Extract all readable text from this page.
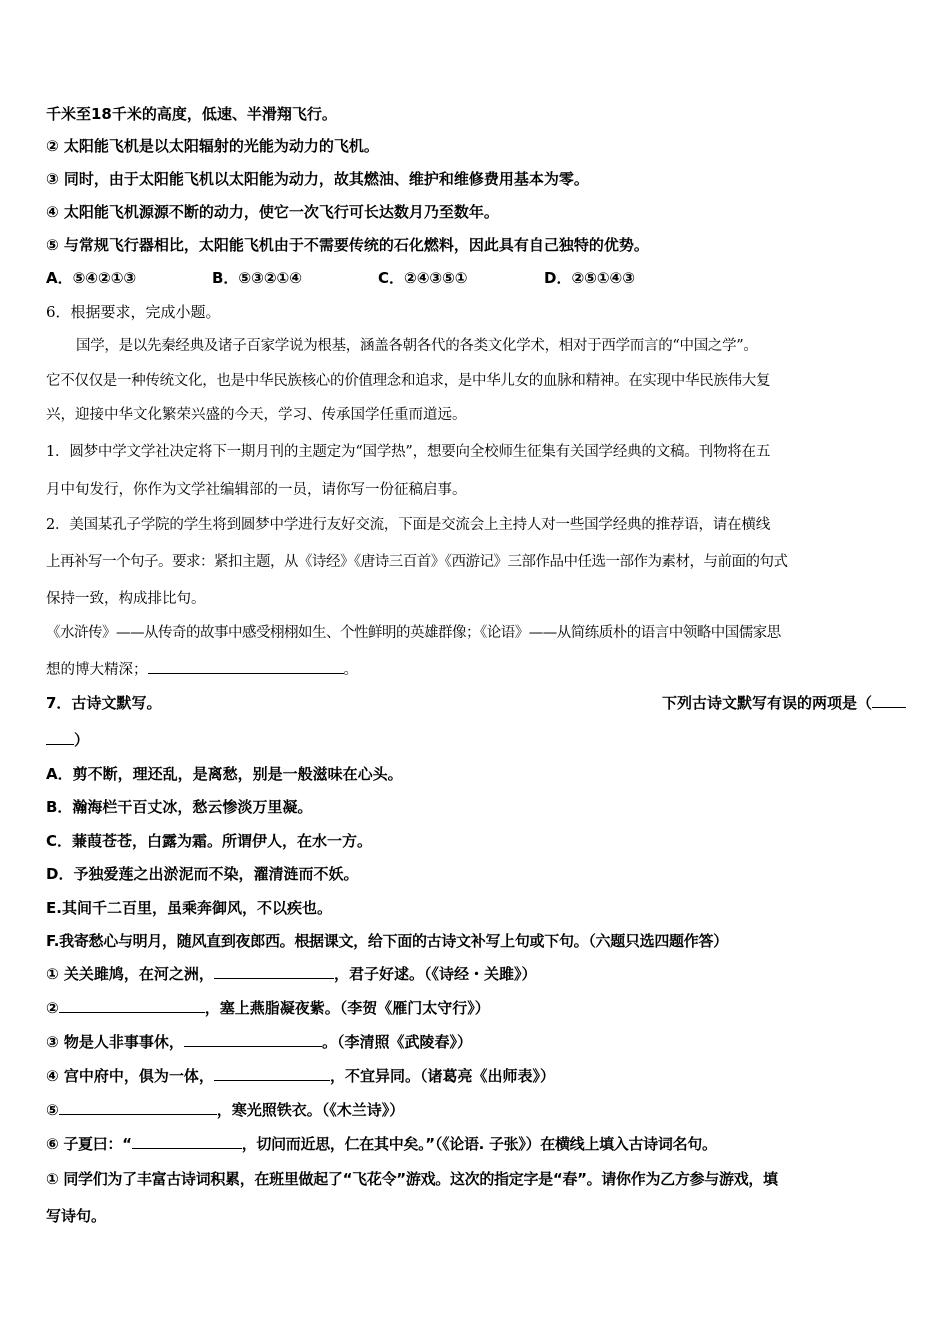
千米至18千米的高度，低速、半滑翔飞行。
② 太阳能飞机是以太阳辐射的光能为动力的飞机。
③ 同时，由于太阳能飞机以太阳能为动力，故其燃油、维护和维修费用基本为零。
④ 太阳能飞机源源不断的动力，使它一次飞行可长达数月乃至数年。
⑤ 与常规飞行器相比，太阳能飞机由于不需要传统的石化燃料，因此具有自己独特的优势。
A．⑤④②①③	B．⑤③②①④	C．②④③⑤①	D．②⑤①④③
6．根据要求，完成小题。
国学，是以先秦经典及诸子百家学说为根基，涵盖各朝各代的各类文化学术，相对于西学而言的“中国之学”。
它不仅仅是一种传统文化，也是中华民族核心的价值理念和追求，是中华儿女的血脉和精神。在实现中华民族伟大复
兴，迎接中华文化繁荣兴盛的今天，学习、传承国学任重而道远。
1．圆梦中学文学社决定将下一期月刊的主题定为“国学热”，想要向全校师生征集有关国学经典的文稿。刊物将在五
月中旬发行，你作为文学社编辑部的一员，请你写一份征稿启事。
2．美国某孔子学院的学生将到圆梦中学进行友好交流，下面是交流会上主持人对一些国学经典的推荐语，请在横线
上再补写一个句子。要求：紧扣主题，从《诗经》《唐诗三百首》《西游记》三部作品中任选一部作为素材，与前面的句式
保持一致，构成排比句。
《水浒传》——从传奇的故事中感受栩栩如生、个性鲜明的英雄群像；《论语》——从简练质朴的语言中领略中国儒家思
想的博大精深；	。
7．古诗文默写。	下列古诗文默写有误的两项是（
）
A．剪不断，理还乱，是离愁，别是一般滋味在心头。
B．瀚海栏干百丈冰，愁云惨淡万里凝。
C．蒹葭苍苍，白露为霜。所谓伊人，在水一方。
D．予独爱莲之出淤泥而不染，濯清涟而不妖。
E.其间千二百里，虽乘奔御风，不以疾也。
F.我寄愁心与明月，随风直到夜郎西。根据课文，给下面的古诗文补写上句或下句。（六题只选四题作答）
① 关关雎鸠，在河之洲，	，君子好逑。（《诗经・关雎》）
②	，塞上燕脂凝夜紫。（李贺《雁门太守行》）
③ 物是人非事事休，	。（李清照《武陵春》）
④ 宫中府中，俱为一体，	，不宜异同。（诸葛亮《出师表》）
⑤	，寒光照铁衣。（《木兰诗》）
⑥ 子夏曰：“	，切问而近思，仁在其中矣。”（《论语. 子张》）在横线上填入古诗词名句。
① 同学们为了丰富古诗词积累，在班里做起了“飞花令”游戏。这次的指定字是“春”。请你作为乙方参与游戏，填
写诗句。
